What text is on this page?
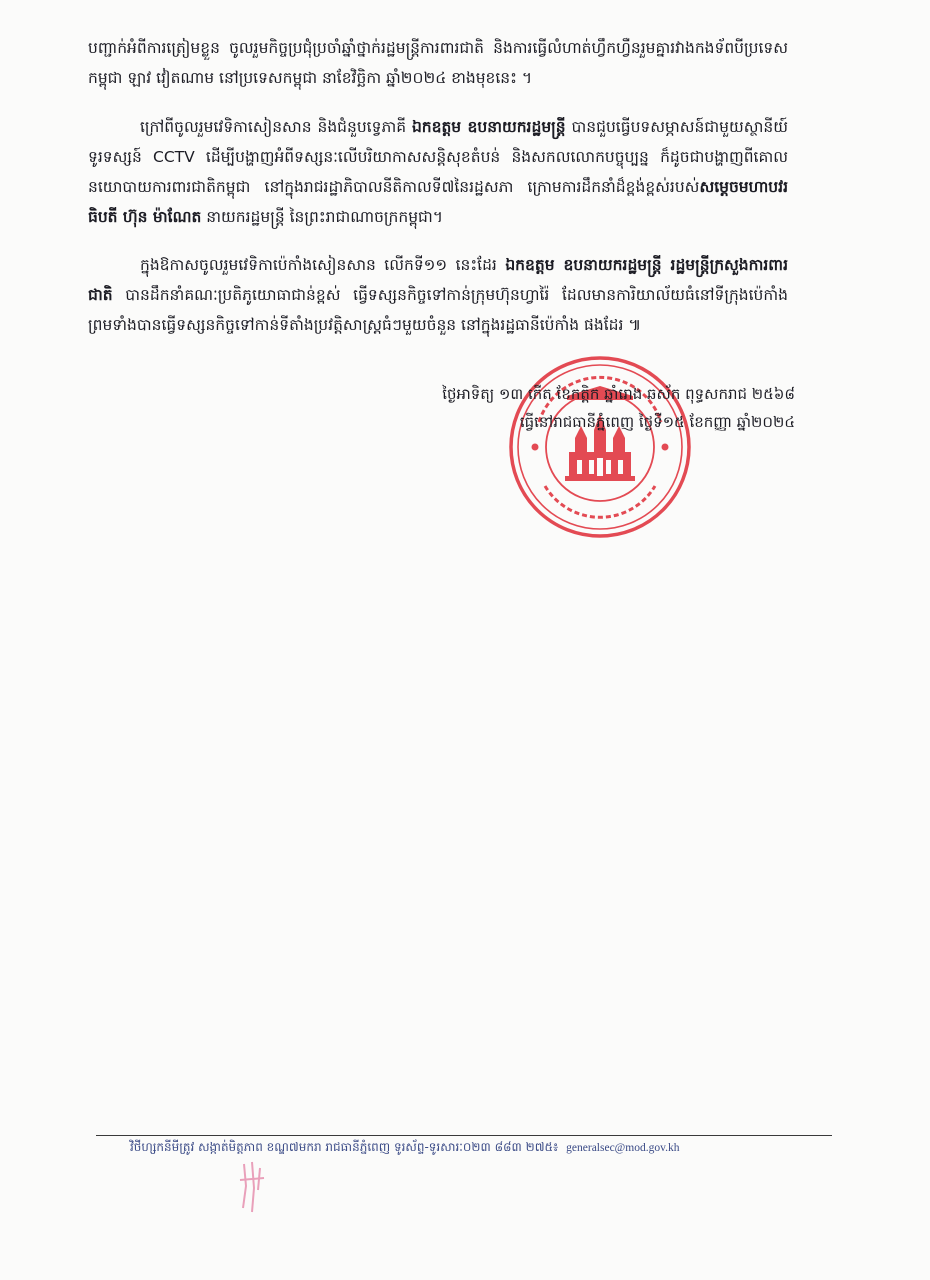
បញ្ជាក់អំពីការត្រៀមខ្លួន ចូលរួមកិច្ចប្រជុំប្រចាំឆ្នាំថ្នាក់រដ្ឋមន្ត្រីការពារជាតិ និងការធ្វើលំហាត់ហ្វឹកហ្វឺនរួមគ្នារវាងកងទ័ពបីប្រទេស កម្ពុជា ឡាវ វៀតណាម នៅប្រទេសកម្ពុជា នាខែវិច្ឆិកា ឆ្នាំ២០២៤ ខាងមុខនេះ ។

ក្រៅពីចូលរួមវេទិកាសៀនសាន និងជំនួបទ្វេភាគី ឯកឧត្តម ឧបនាយករដ្ឋមន្ត្រី បានជួបធ្វើបទសម្ភាសន៍ជាមួយស្ថានីយ៍ទូរទស្សន៍ CCTV ដើម្បីបង្ហាញអំពីទស្សនៈលើបរិយាកាសសន្តិសុខតំបន់ និងសកលលោកបច្ចុប្បន្ន ក៏ដូចជាបង្ហាញពីគោលនយោបាយការពារជាតិកម្ពុជា នៅក្នុងរាជរដ្ឋាភិបាលនីតិកាលទី៧នៃរដ្ឋសភា ក្រោមការដឹកនាំដ៏ខ្ពង់ខ្ពស់របស់សម្តេចមហាបវរធិបតី ហ៊ុន ម៉ាណែត នាយករដ្ឋមន្ត្រី នៃព្រះរាជាណាចក្រកម្ពុជា។

ក្នុងឱកាសចូលរួមវេទិកាប៉េកាំងសៀនសាន លើកទី១១ នេះដែរ ឯកឧត្តម ឧបនាយករដ្ឋមន្ត្រី រដ្ឋមន្ត្រីក្រសួងការពារជាតិ បានដឹកនាំគណៈប្រតិភូយោធាជាន់ខ្ពស់ ធ្វើទស្សនកិច្ចទៅកាន់ក្រុមហ៊ុនហ្វារ៉ៃ ដែលមានការិយាល័យធំនៅទីក្រុងប៉េកាំង ព្រមទាំងបានធ្វើទស្សនកិច្ចទៅកាន់ទីតាំងប្រវត្តិសាស្ត្រធំៗមួយចំនួន នៅក្នុងរដ្ឋធានីប៉េកាំង ផងដែរ ៕

ថ្ងៃអាទិត្យ ១៣ កើត ខែកត្តិក ឆ្នាំរោង ឆស័ក ពុទ្ធសករាជ ២៥៦៨
ធ្វើនៅរាជធានីភ្នំពេញ ថ្ងៃទី១៥ ខែកញ្ញា ឆ្នាំ២០២៤
វិថីហ្សកនីមីត្រូវ សង្កាត់មិត្តភាព ខណ្ឌ៧មករា រាជធានីភ្នំពេញ ទូរស័ព្ទ-ទូរសារៈ០២៣ ៨៨៣ ២៧៥៖ generalsec@mod.gov.kh
